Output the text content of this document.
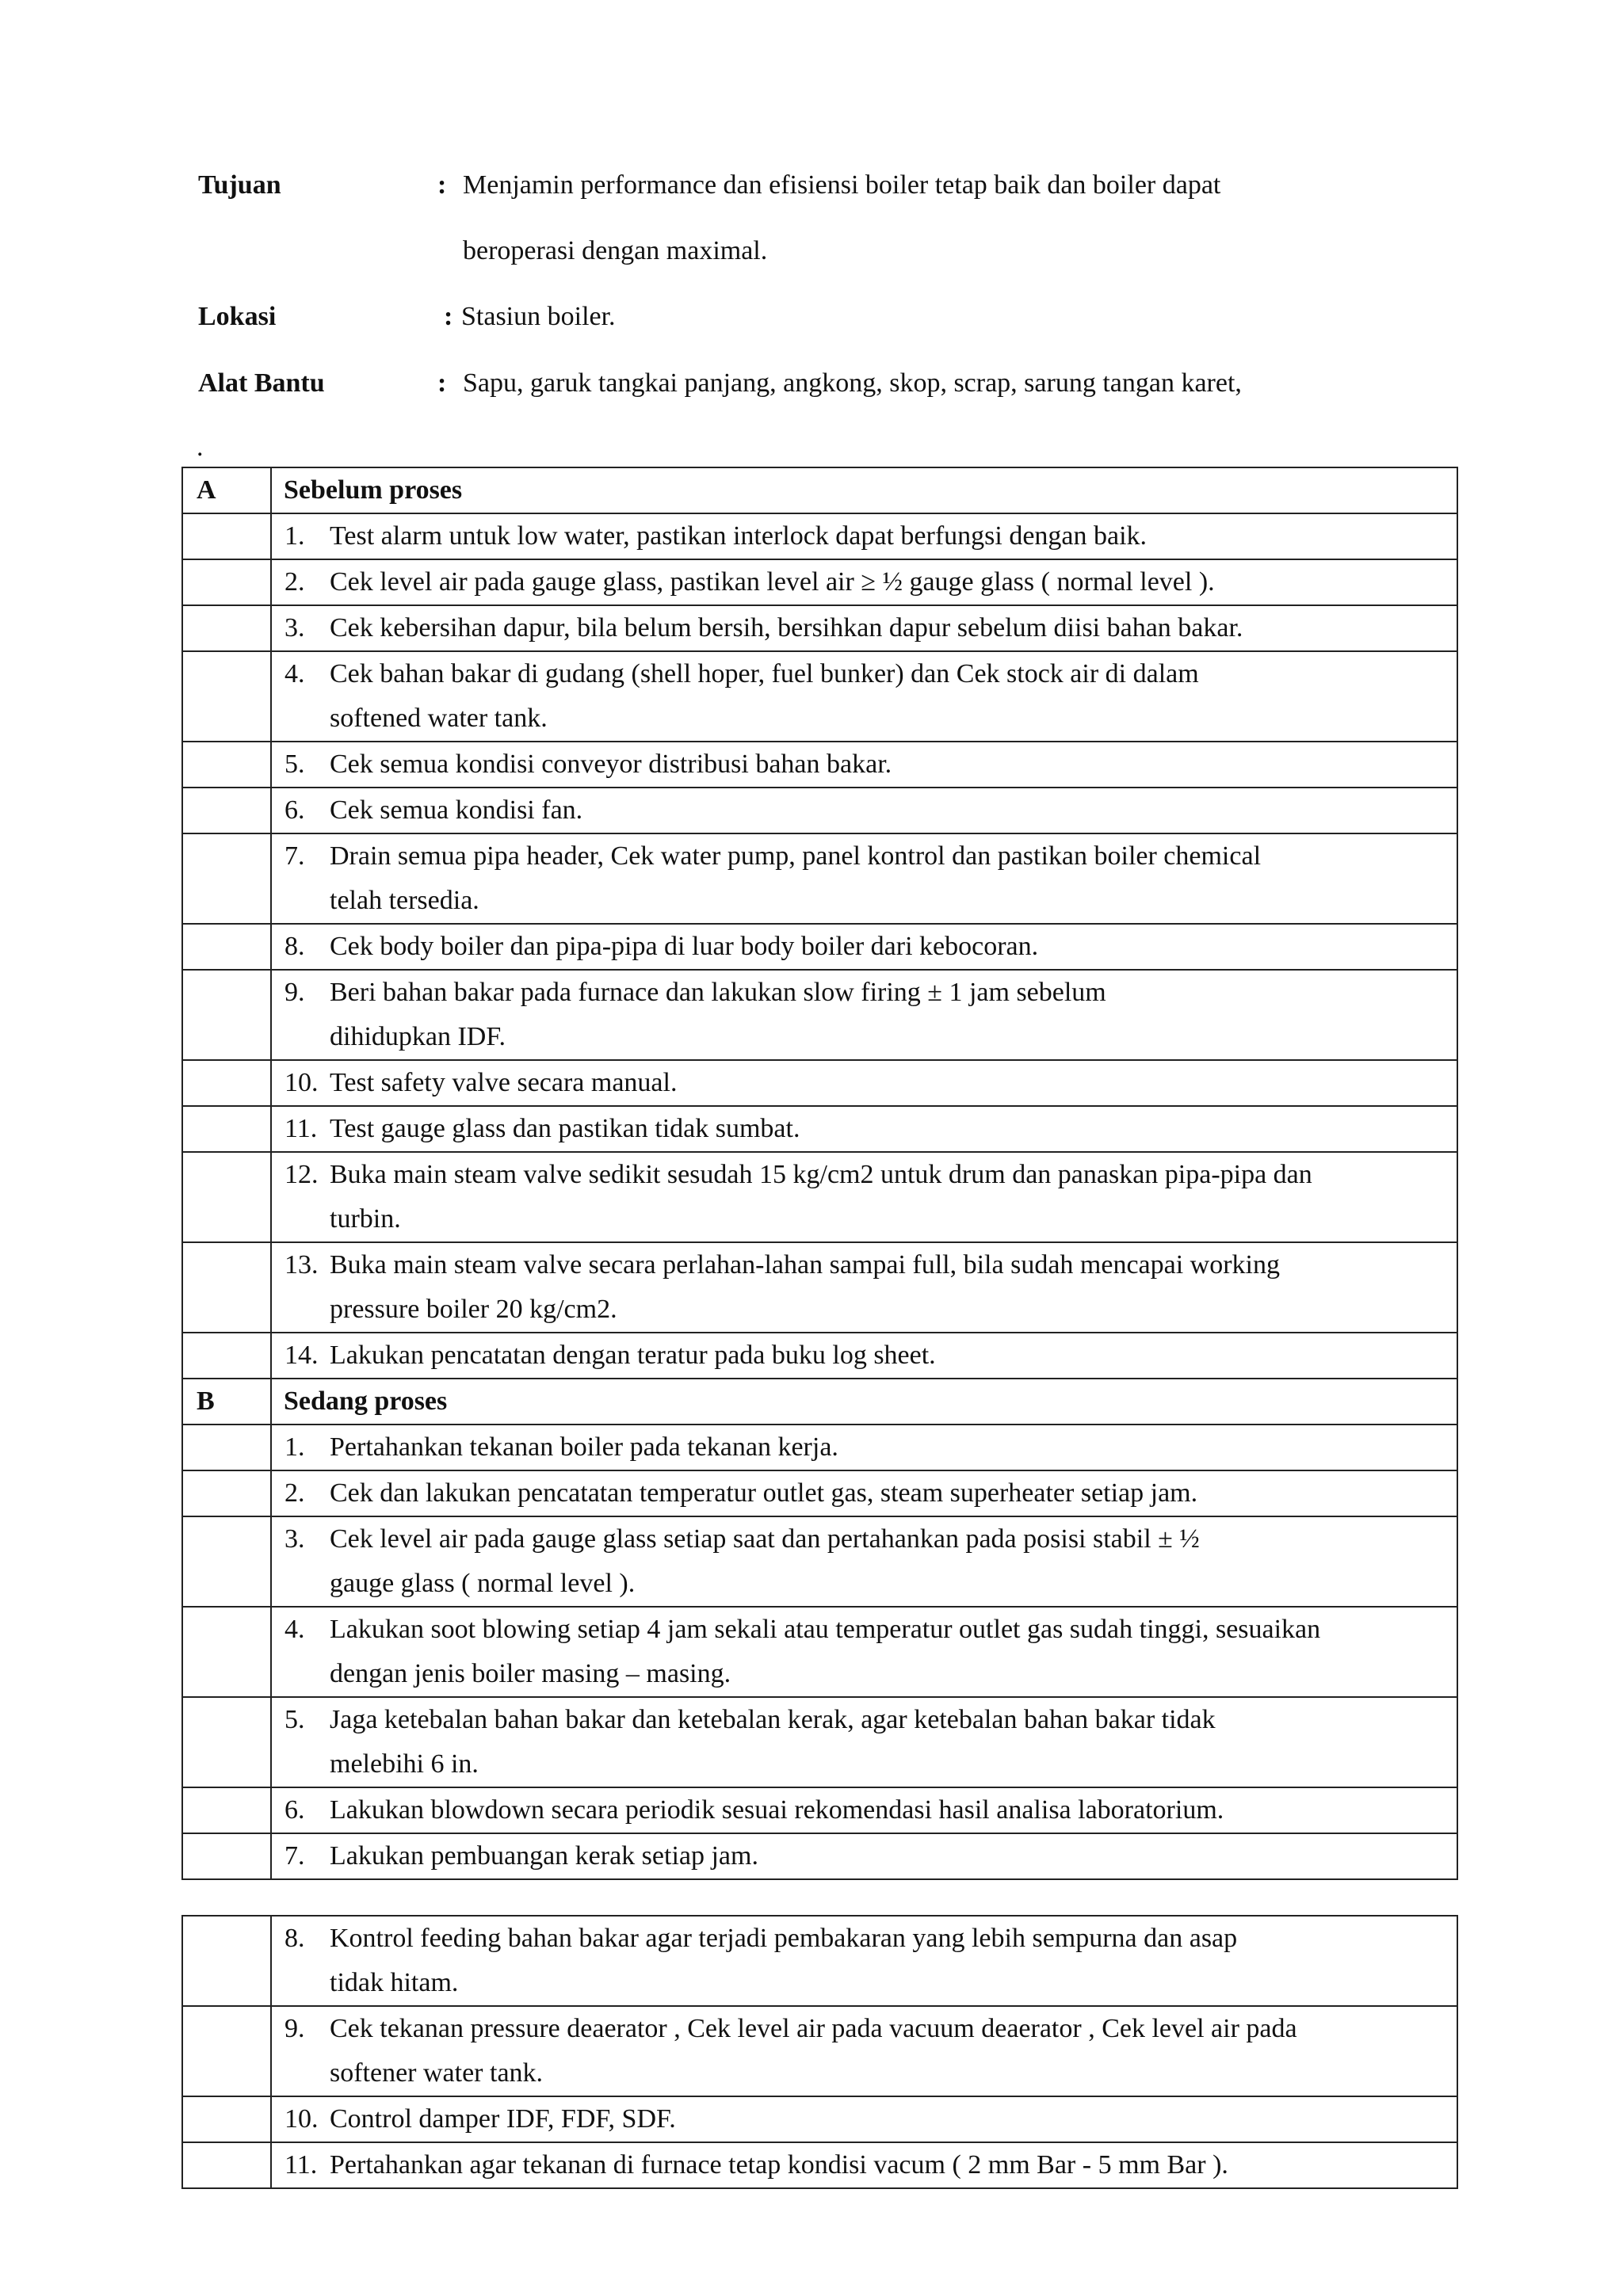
Tujuan	: Menjamin performance dan efisiensi boiler tetap baik dan boiler dapat
beroperasi dengan maximal.
Lokasi	: Stasiun boiler.
Alat Bantu	: Sapu, garuk tangkai panjang, angkong, skop, scrap, sarung tangan karet,
.
A	Sebelum proses

	1. Test alarm untuk low water, pastikan interlock dapat berfungsi dengan baik.

	2. Cek level air pada gauge glass, pastikan level air ≥ ½ gauge glass ( normal level ).

	3. Cek kebersihan dapur, bila belum bersih, bersihkan dapur sebelum diisi bahan bakar.

	4. Cek bahan bakar di gudang (shell hoper, fuel bunker) dan Cek stock air di dalam
softened water tank.

	5. Cek semua kondisi conveyor distribusi bahan bakar.

	6. Cek semua kondisi fan.

	7. Drain semua pipa header, Cek water pump, panel kontrol dan pastikan boiler chemical
telah tersedia.

	8. Cek body boiler dan pipa-pipa di luar body boiler dari kebocoran.

	9. Beri bahan bakar pada furnace dan lakukan slow firing ± 1 jam sebelum
dihidupkan IDF.

	10. Test safety valve secara manual.

	11. Test gauge glass dan pastikan tidak sumbat.

	12. Buka main steam valve sedikit sesudah 15 kg/cm2 untuk drum dan panaskan pipa-pipa dan
turbin.

	13. Buka main steam valve secara perlahan-lahan sampai full, bila sudah mencapai working
pressure boiler 20 kg/cm2.

	14. Lakukan pencatatan dengan teratur pada buku log sheet.

B	Sedang proses

	1. Pertahankan tekanan boiler pada tekanan kerja.

	2. Cek dan lakukan pencatatan temperatur outlet gas, steam superheater setiap jam.

	3. Cek level air pada gauge glass setiap saat dan pertahankan pada posisi stabil ± ½
gauge glass ( normal level ).

	4. Lakukan soot blowing setiap 4 jam sekali atau temperatur outlet gas sudah tinggi, sesuaikan
dengan jenis boiler masing – masing.

	5. Jaga ketebalan bahan bakar dan ketebalan kerak, agar ketebalan bahan bakar tidak
melebihi 6 in.

	6. Lakukan blowdown secara periodik sesuai rekomendasi hasil analisa laboratorium.

	7. Lakukan pembuangan kerak setiap jam.

	8. Kontrol feeding bahan bakar agar terjadi pembakaran yang lebih sempurna dan asap
tidak hitam.

	9. Cek tekanan pressure deaerator , Cek level air pada vacuum deaerator , Cek level air pada
softener water tank.

	10. Control damper IDF, FDF, SDF.

	11. Pertahankan agar tekanan di furnace tetap kondisi vacum ( 2 mm Bar - 5 mm Bar ).
